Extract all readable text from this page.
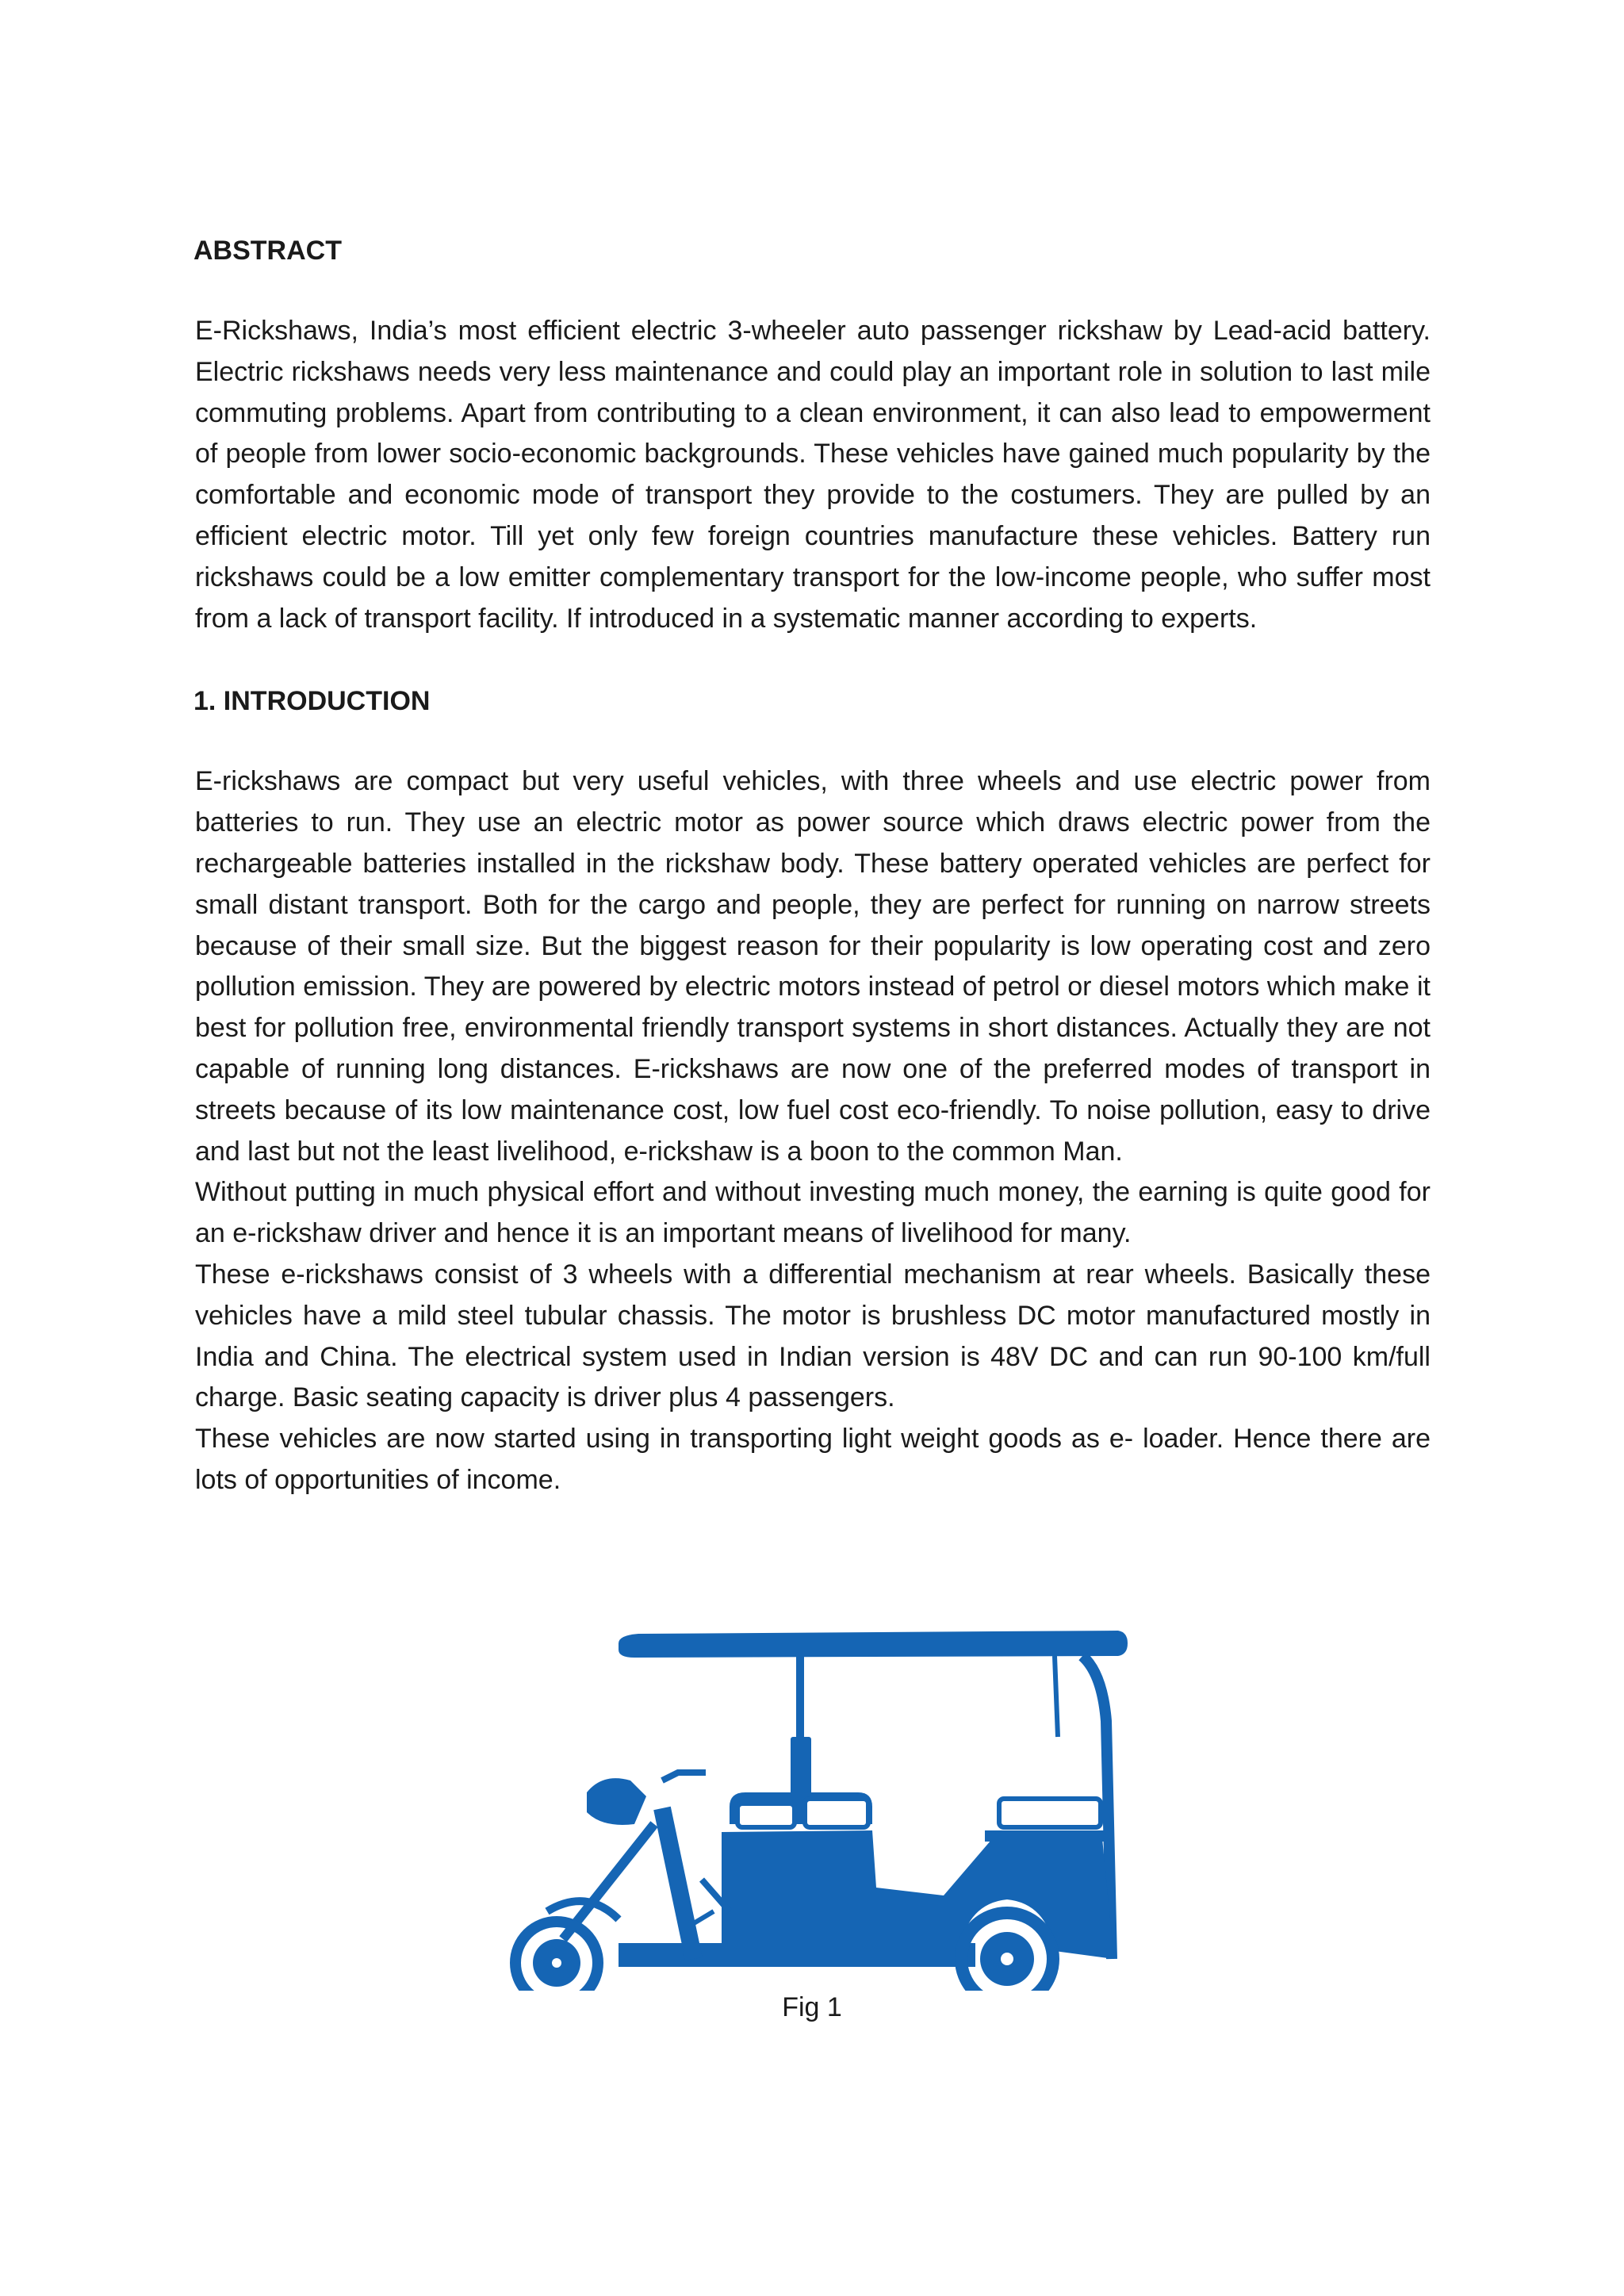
ABSTRACT

E-Rickshaws, India’s most efficient electric 3-wheeler auto passenger rickshaw by Lead-acid battery. Electric rickshaws needs very less maintenance and could play an important role in solution to last mile commuting problems. Apart from contributing to a clean environment, it can also lead to empowerment of people from lower socio-economic backgrounds. These vehicles have gained much popularity by the comfortable and economic mode of transport they provide to the costumers. They are pulled by an efficient electric motor. Till yet only few foreign countries manufacture these vehicles. Battery run rickshaws could be a low emitter complementary transport for the low-income people, who suffer most from a lack of transport facility. If introduced in a systematic manner according to experts.

1. INTRODUCTION

E-rickshaws are compact but very useful vehicles, with three wheels and use electric power from batteries to run. They use an electric motor as power source which draws electric power from the rechargeable batteries installed in the rickshaw body. These battery operated vehicles are perfect for small distant transport. Both for the cargo and people, they are perfect for running on narrow streets because of their small size. But the biggest reason for their popularity is low operating cost and zero pollution emission. They are powered by electric motors instead of petrol or diesel motors which make it best for pollution free, environmental friendly transport systems in short distances. Actually they are not capable of running long distances. E-rickshaws are now one of the preferred modes of transport in streets because of its low maintenance cost, low fuel cost eco-friendly. To noise pollution, easy to drive and last but not the least livelihood, e-rickshaw is a boon to the common Man.

Without putting in much physical effort and without investing much money, the earning is quite good for an e-rickshaw driver and hence it is an important means of livelihood for many.

These e-rickshaws consist of 3 wheels with a differential mechanism at rear wheels. Basically these vehicles have a mild steel tubular chassis. The motor is brushless DC motor manufactured mostly in India and China. The electrical system used in Indian version is 48V DC and can run 90-100 km/full charge. Basic seating capacity is driver plus 4 passengers.

These vehicles are now started using in transporting light weight goods as e- loader. Hence there are lots of opportunities of income.

Fig 1
